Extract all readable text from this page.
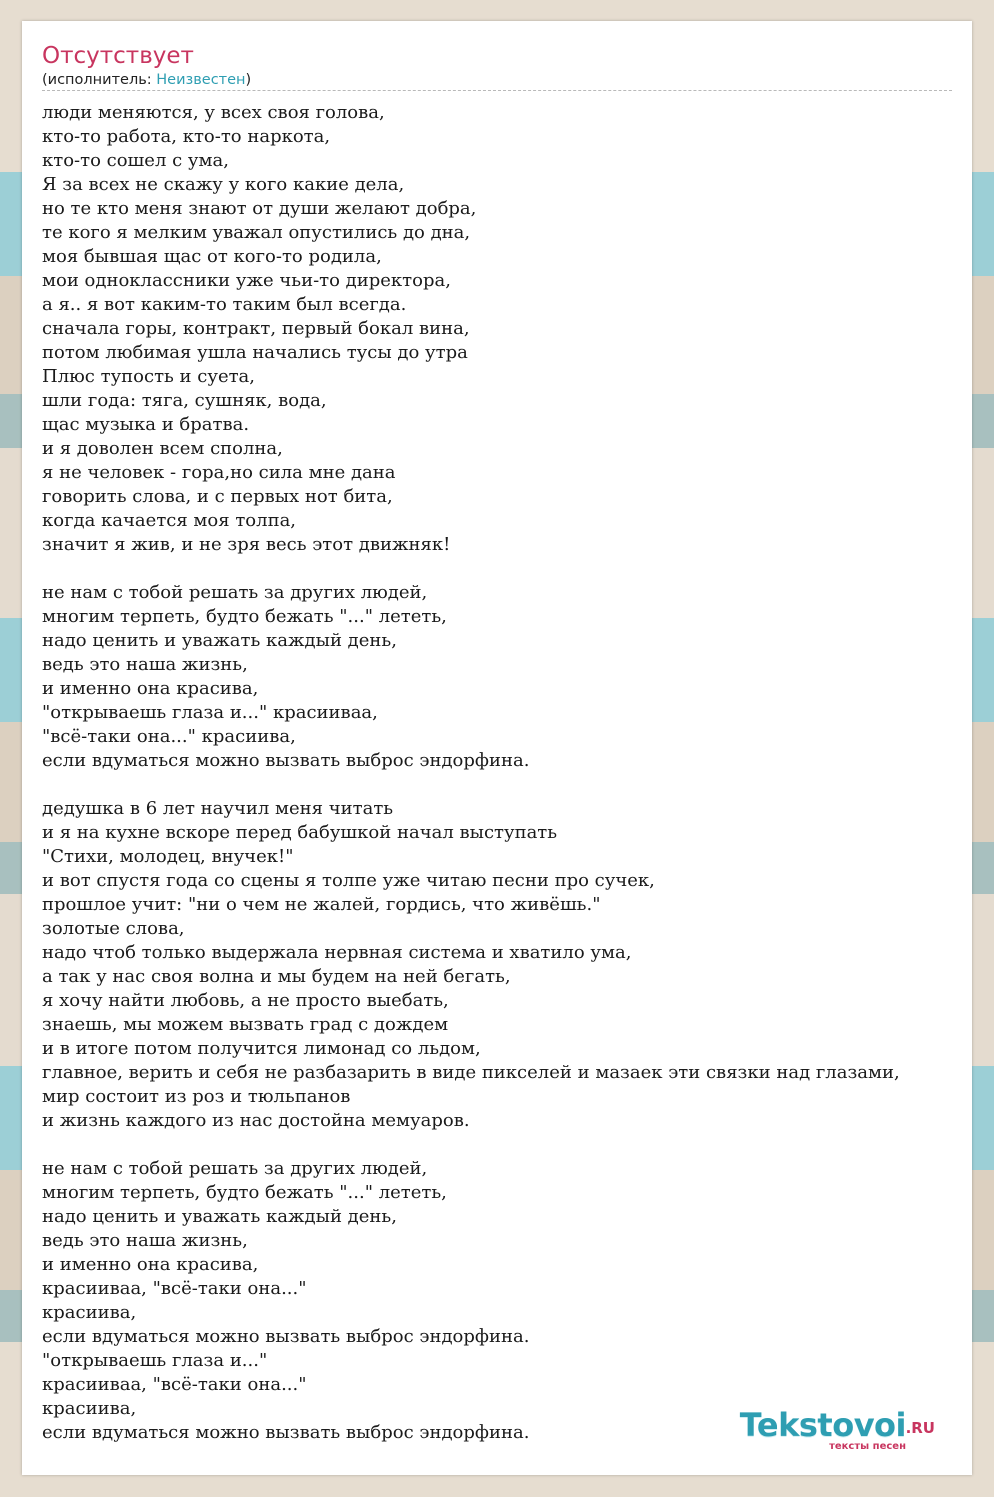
Отсутствует
(исполнитель: Неизвестен)
люди меняются, у всех своя голова,
кто-то работа, кто-то наркота,
кто-то сошел с ума,
Я за всех не скажу у кого какие дела,
но те кто меня знают от души желают добра,
те кого я мелким уважал опустились до дна,
моя бывшая щас от кого-то родила,
мои одноклассники уже чьи-то директора,
а я.. я вот каким-то таким был всегда.
сначала горы, контракт, первый бокал вина,
потом любимая ушла начались тусы до утра
Плюс тупость и суета,
шли года: тяга, сушняк, вода,
щас музыка и братва.
и я доволен всем сполна,
я не человек - гора,но сила мне дана
говорить слова, и с первых нот бита,
когда качается моя толпа,
значит я жив, и не зря весь этот движняк!
не нам с тобой решать за других людей,
многим терпеть, будто бежать "..." лететь,
надо ценить и уважать каждый день,
ведь это наша жизнь,
и именно она красива,
"открываешь глаза и..." красииваа,
"всё-таки она..." красиива,
если вдуматься можно вызвать выброс эндорфина.
дедушка в 6 лет научил меня читать
и я на кухне вскоре перед бабушкой начал выступать
"Стихи, молодец, внучек!"
и вот спустя года со сцены я толпе уже читаю песни про сучек,
прошлое учит: "ни о чем не жалей, гордись, что живёшь."
золотые слова,
надо чтоб только выдержала нервная система и хватило ума,
а так у нас своя волна и мы будем на ней бегать,
я хочу найти любовь, а не просто выебать,
знаешь, мы можем вызвать град с дождем
и в итоге потом получится лимонад со льдом,
главное, верить и себя не разбазарить в виде пикселей и мазаек эти связки над глазами,
мир состоит из роз и тюльпанов
и жизнь каждого из нас достойна мемуаров.
не нам с тобой решать за других людей,
многим терпеть, будто бежать "..." лететь,
надо ценить и уважать каждый день,
ведь это наша жизнь,
и именно она красива,
красииваа, "всё-таки она..."
красиива,
если вдуматься можно вызвать выброс эндорфина.
"открываешь глаза и..."
красииваа, "всё-таки она..."
красиива,
если вдуматься можно вызвать выброс эндорфина.	Tekstovoi .RU
тексты песен
